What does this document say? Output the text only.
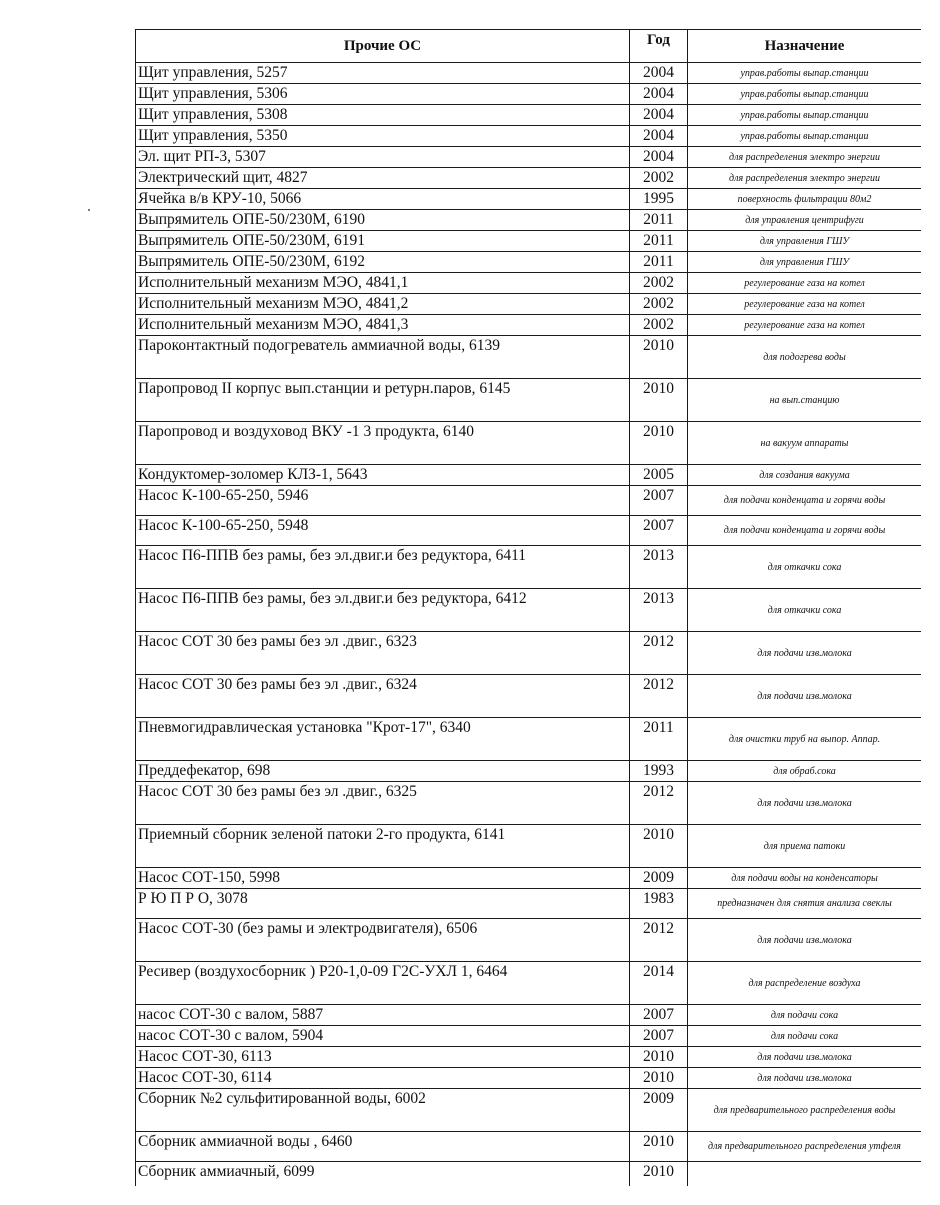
Прочие ОС	Год	Назначение
Щит управления, 5257	2004	управ.работы выпар.станции
Щит управления, 5306	2004	управ.работы выпар.станции
Щит управления, 5308	2004	управ.работы выпар.станции
Щит управления, 5350	2004	управ.работы выпар.станции
Эл. щит РП-3, 5307	2004	для распределения электро энергии
Электрический щит, 4827	2002	для распределения электро энергии
Ячейка в/в КРУ-10, 5066	1995	поверхность фильтрации 80м2
Выпрямитель ОПЕ-50/230М, 6190	2011	для управления центрифуги
Выпрямитель ОПЕ-50/230М, 6191	2011	для управления ГШУ
Выпрямитель ОПЕ-50/230М, 6192	2011	для управления ГШУ
Исполнительный механизм МЭО, 4841,1	2002	регулерование газа на котел
Исполнительный механизм МЭО, 4841,2	2002	регулерование газа на котел
Исполнительный механизм МЭО, 4841,3	2002	регулерование газа на котел
Пароконтактный подогреватель аммиачной воды, 6139	2010	для подогрева воды
Паропровод II корпус вып.станции и ретурн.паров, 6145	2010	на вып.станцию
Паропровод и воздуховод ВКУ -1 3 продукта, 6140	2010	на вакуум аппараты
Кондуктомер-золомер КЛЗ-1, 5643	2005	для создания вакуума
Насос К-100-65-250, 5946	2007	для подачи конденцата и горячи воды
Насос К-100-65-250, 5948	2007	для подачи конденцата и горячи воды
Насос П6-ППВ без рамы, без эл.двиг.и без редуктора, 6411	2013	для откачки сока
Насос П6-ППВ без рамы, без эл.двиг.и без редуктора, 6412	2013	для откачки сока
Насос СОТ 30 без рамы без эл .двиг., 6323	2012	для подачи изв.молока
Насос СОТ 30 без рамы без эл .двиг., 6324	2012	для подачи изв.молока
Пневмогидравлическая установка "Крот-17", 6340	2011	для очистки труб на выпор. Аппар.
Преддефекатор, 698	1993	для обраб.сока
Насос СОТ 30 без рамы без эл .двиг., 6325	2012	для подачи изв.молока
Приемный сборник зеленой патоки 2-го продукта, 6141	2010	для приема патоки
Насос СОТ-150, 5998	2009	для подачи воды на конденсаторы
Р Ю П Р О, 3078	1983	предназначен для снятия анализа свеклы
Насос СОТ-30 (без рамы и электродвигателя), 6506	2012	для подачи изв.молока
Ресивер (воздухосборник ) Р20-1,0-09 Г2С-УХЛ 1, 6464	2014	для распределение воздуха
насос СОТ-30 с валом, 5887	2007	для подачи сока
насос СОТ-30 с валом, 5904	2007	для подачи сока
Насос СОТ-30, 6113	2010	для подачи изв.молока
Насос СОТ-30, 6114	2010	для подачи изв.молока
Сборник №2 сульфитированной воды, 6002	2009	для предварительного распределения воды
Сборник аммиачной воды , 6460	2010	для предварительного распределения утфеля
Сборник аммиачный, 6099	2010	
